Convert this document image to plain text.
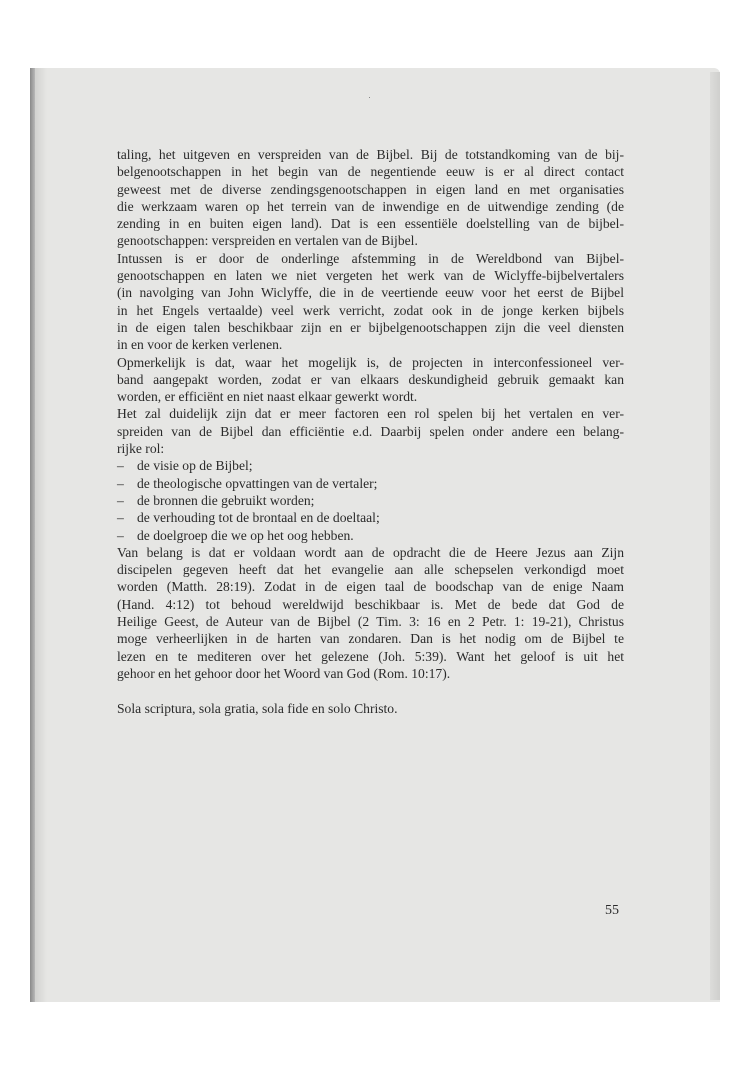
taling, het uitgeven en verspreiden van de Bijbel. Bij de totstandkoming van de bij-
belgenootschappen in het begin van de negentiende eeuw is er al direct contact
geweest met de diverse zendingsgenootschappen in eigen land en met organisaties
die werkzaam waren op het terrein van de inwendige en de uitwendige zending (de
zending in en buiten eigen land). Dat is een essentiële doelstelling van de bijbel-
genootschappen: verspreiden en vertalen van de Bijbel.
Intussen is er door de onderlinge afstemming in de Wereldbond van Bijbel-
genootschappen en laten we niet vergeten het werk van de Wiclyffe-bijbelvertalers
(in navolging van John Wiclyffe, die in de veertiende eeuw voor het eerst de Bijbel
in het Engels vertaalde) veel werk verricht, zodat ook in de jonge kerken bijbels
in de eigen talen beschikbaar zijn en er bijbelgenootschappen zijn die veel diensten
in en voor de kerken verlenen.
Opmerkelijk is dat, waar het mogelijk is, de projecten in interconfessioneel ver-
band aangepakt worden, zodat er van elkaars deskundigheid gebruik gemaakt kan
worden, er efficiënt en niet naast elkaar gewerkt wordt.
Het zal duidelijk zijn dat er meer factoren een rol spelen bij het vertalen en ver-
spreiden van de Bijbel dan efficiëntie e.d. Daarbij spelen onder andere een belang-
rijke rol:
– de visie op de Bijbel;
– de theologische opvattingen van de vertaler;
– de bronnen die gebruikt worden;
– de verhouding tot de brontaal en de doeltaal;
– de doelgroep die we op het oog hebben.
Van belang is dat er voldaan wordt aan de opdracht die de Heere Jezus aan Zijn
discipelen gegeven heeft dat het evangelie aan alle schepselen verkondigd moet
worden (Matth. 28:19). Zodat in de eigen taal de boodschap van de enige Naam
(Hand. 4:12) tot behoud wereldwijd beschikbaar is. Met de bede dat God de
Heilige Geest, de Auteur van de Bijbel (2 Tim. 3: 16 en 2 Petr. 1: 19-21), Christus
moge verheerlijken in de harten van zondaren. Dan is het nodig om de Bijbel te
lezen en te mediteren over het gelezene (Joh. 5:39). Want het geloof is uit het
gehoor en het gehoor door het Woord van God (Rom. 10:17).
Sola scriptura, sola gratia, sola fide en solo Christo.
55
